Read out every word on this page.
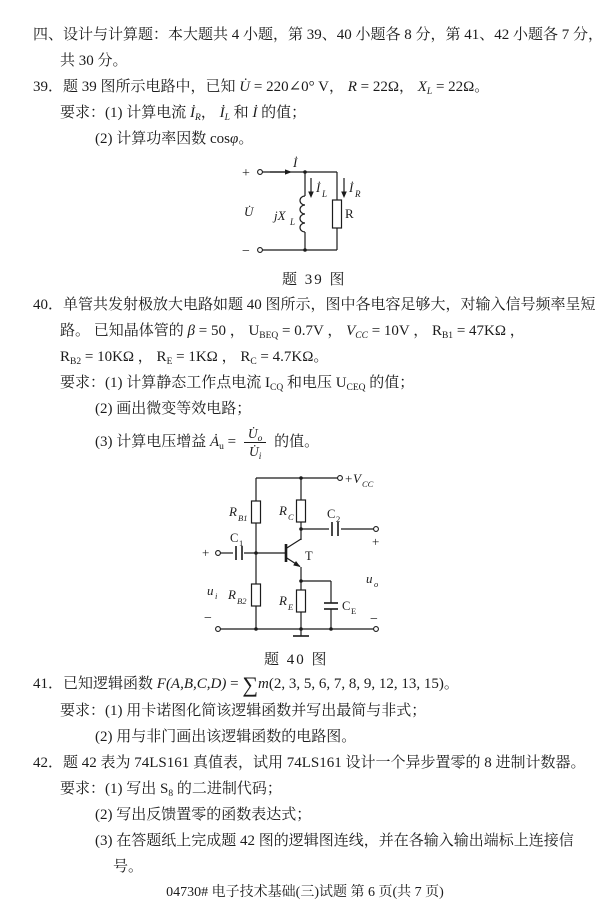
四、设计与计算题：本大题共 4 小题，第 39、40 小题各 8 分，第 41、42 小题各 7 分，
共 30 分。
39．题 39 图所示电路中，已知 U̇ = 220∠0° V， R = 22Ω， $X_L = 22\Omega$。
要求：(1) 计算电流 $İ_R$， $İ_L$ 和 İ 的值；
(2) 计算功率因数 cosφ。
+
−
İ
İ L İ R
U̇ jX L
R
题 39 图
40．单管共发射极放大电路如题 40 图所示，图中各电容足够大，对输入信号频率呈短
路。 已知晶体管的 β = 50 ， $U_{BEQ} = 0.7V$ ， $V_{CC} = 10V$ ， $R_{B1} = 47K\Omega$ ，
$R_{B2} = 10K\Omega$ ， $R_E = 1K\Omega$ ， $R_C = 4.7K\Omega$。
要求：(1) 计算静态工作点电流 $I_{CQ}$ 和电压 $U_{CEQ}$ 的值；
(2) 画出微变等效电路；
(3) 计算电压增益 $Ȧ_u = \frac{U̇_o}{U̇_i}$ 的值。
+ V CC
R B1 R C	C 2
C 1
T
R B2	R E	C E
u i
u o
+
−
+
−
题 40 图
41．已知逻辑函数 F(A,B,C,D) = ∑m(2, 3, 5, 6, 7, 8, 9, 12, 13, 15)。
要求：(1) 用卡诺图化简该逻辑函数并写出最简与非式；
(2) 用与非门画出该逻辑函数的电路图。
42．题 42 表为 74LS161 真值表，试用 74LS161 设计一个异步置零的 8 进制计数器。
要求：(1) 写出 $S_8$ 的二进制代码；
(2) 写出反馈置零的函数表达式；
(3) 在答题纸上完成题 42 图的逻辑图连线，并在各输入输出端标上连接信
号。
04730# 电子技术基础(三)试题 第 6 页(共 7 页)
